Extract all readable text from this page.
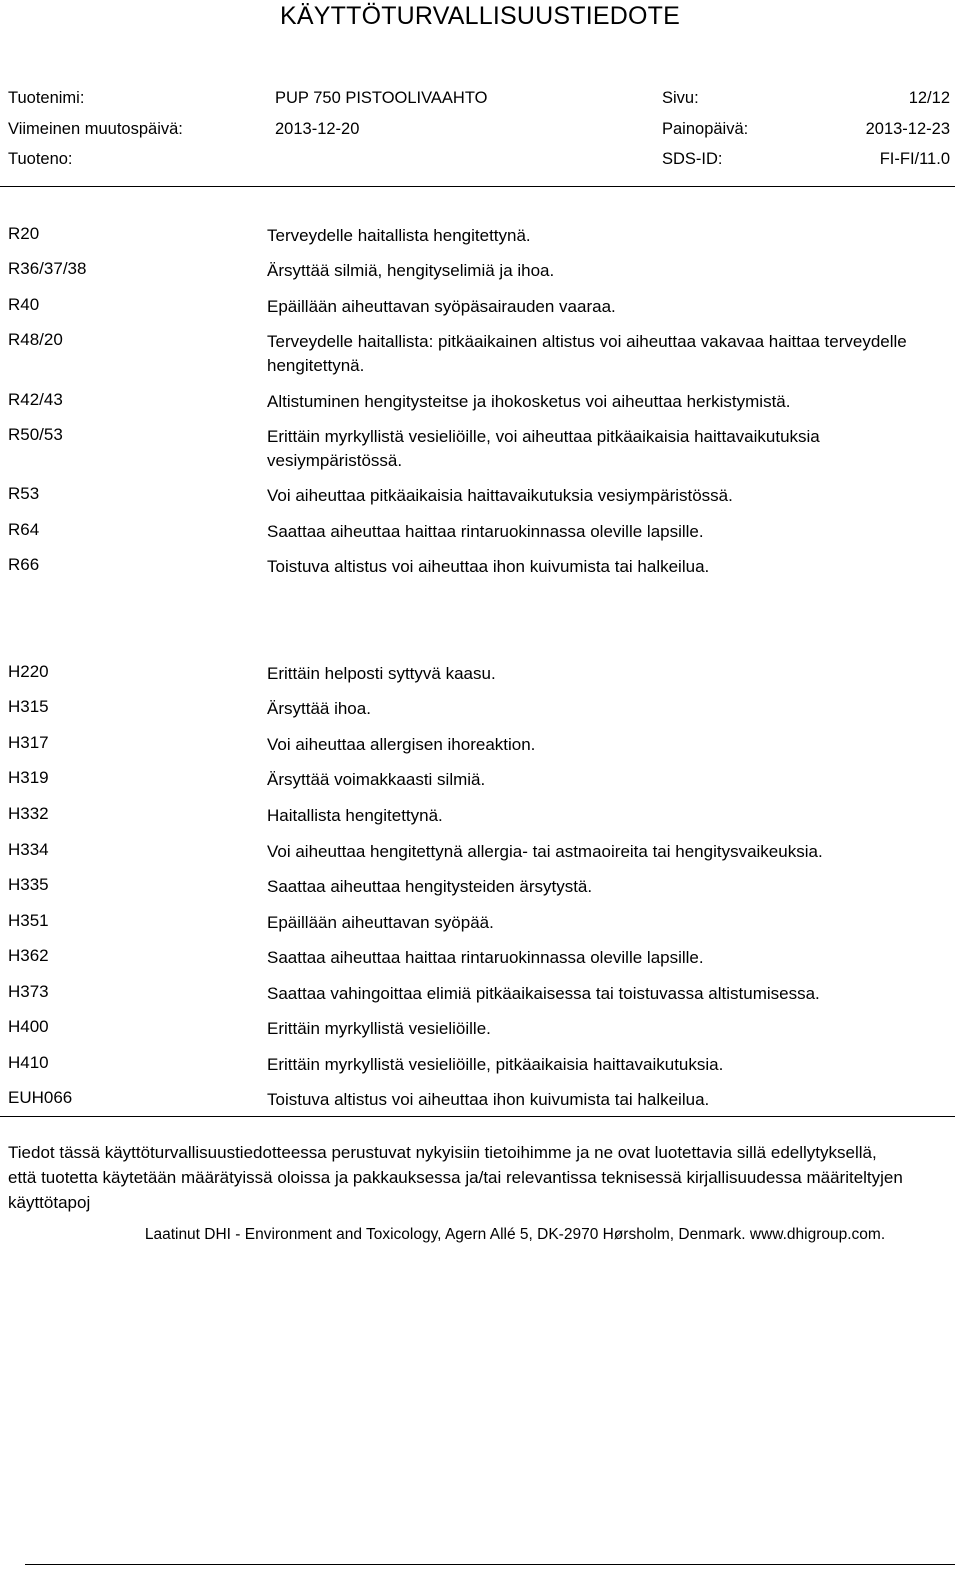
KÄYTTÖTURVALLISUUSTIEDOTE
Tuotenimi:	PUP 750 PISTOOLIVAAHTO	Sivu:	12/12
Viimeinen muutospäivä:	2013-12-20	Painopäivä:	2013-12-23
Tuoteno:	SDS-ID:	FI-FI/11.0
R20	Terveydelle haitallista hengitettynä.
R36/37/38	Ärsyttää silmiä, hengityselimiä ja ihoa.
R40	Epäillään aiheuttavan syöpäsairauden vaaraa.
R48/20	Terveydelle haitallista: pitkäaikainen altistus voi aiheuttaa vakavaa haittaa terveydelle hengitettynä.
R42/43	Altistuminen hengitysteitse ja ihokosketus voi aiheuttaa herkistymistä.
R50/53	Erittäin myrkyllistä vesieliöille, voi aiheuttaa pitkäaikaisia haittavaikutuksia vesiympäristössä.
R53	Voi aiheuttaa pitkäaikaisia haittavaikutuksia vesiympäristössä.
R64	Saattaa aiheuttaa haittaa rintaruokinnassa oleville lapsille.
R66	Toistuva altistus voi aiheuttaa ihon kuivumista tai halkeilua.
H220	Erittäin helposti syttyvä kaasu.
H315	Ärsyttää ihoa.
H317	Voi aiheuttaa allergisen ihoreaktion.
H319	Ärsyttää voimakkaasti silmiä.
H332	Haitallista hengitettynä.
H334	Voi aiheuttaa hengitettynä allergia- tai astmaoireita tai hengitysvaikeuksia.
H335	Saattaa aiheuttaa hengitysteiden ärsytystä.
H351	Epäillään aiheuttavan syöpää.
H362	Saattaa aiheuttaa haittaa rintaruokinnassa oleville lapsille.
H373	Saattaa vahingoittaa elimiä pitkäaikaisessa tai toistuvassa altistumisessa.
H400	Erittäin myrkyllistä vesieliöille.
H410	Erittäin myrkyllistä vesieliöille, pitkäaikaisia haittavaikutuksia.
EUH066	Toistuva altistus voi aiheuttaa ihon kuivumista tai halkeilua.
Tiedot tässä käyttöturvallisuustiedotteessa perustuvat nykyisiin tietoihimme ja ne ovat luotettavia sillä edellytyksellä, että tuotetta käytetään määrätyissä oloissa ja pakkauksessa ja/tai relevantissa teknisessä kirjallisuudessa määriteltyjen käyttötapoj
Laatinut DHI - Environment and Toxicology, Agern Allé 5, DK-2970 Hørsholm, Denmark. www.dhigroup.com.
